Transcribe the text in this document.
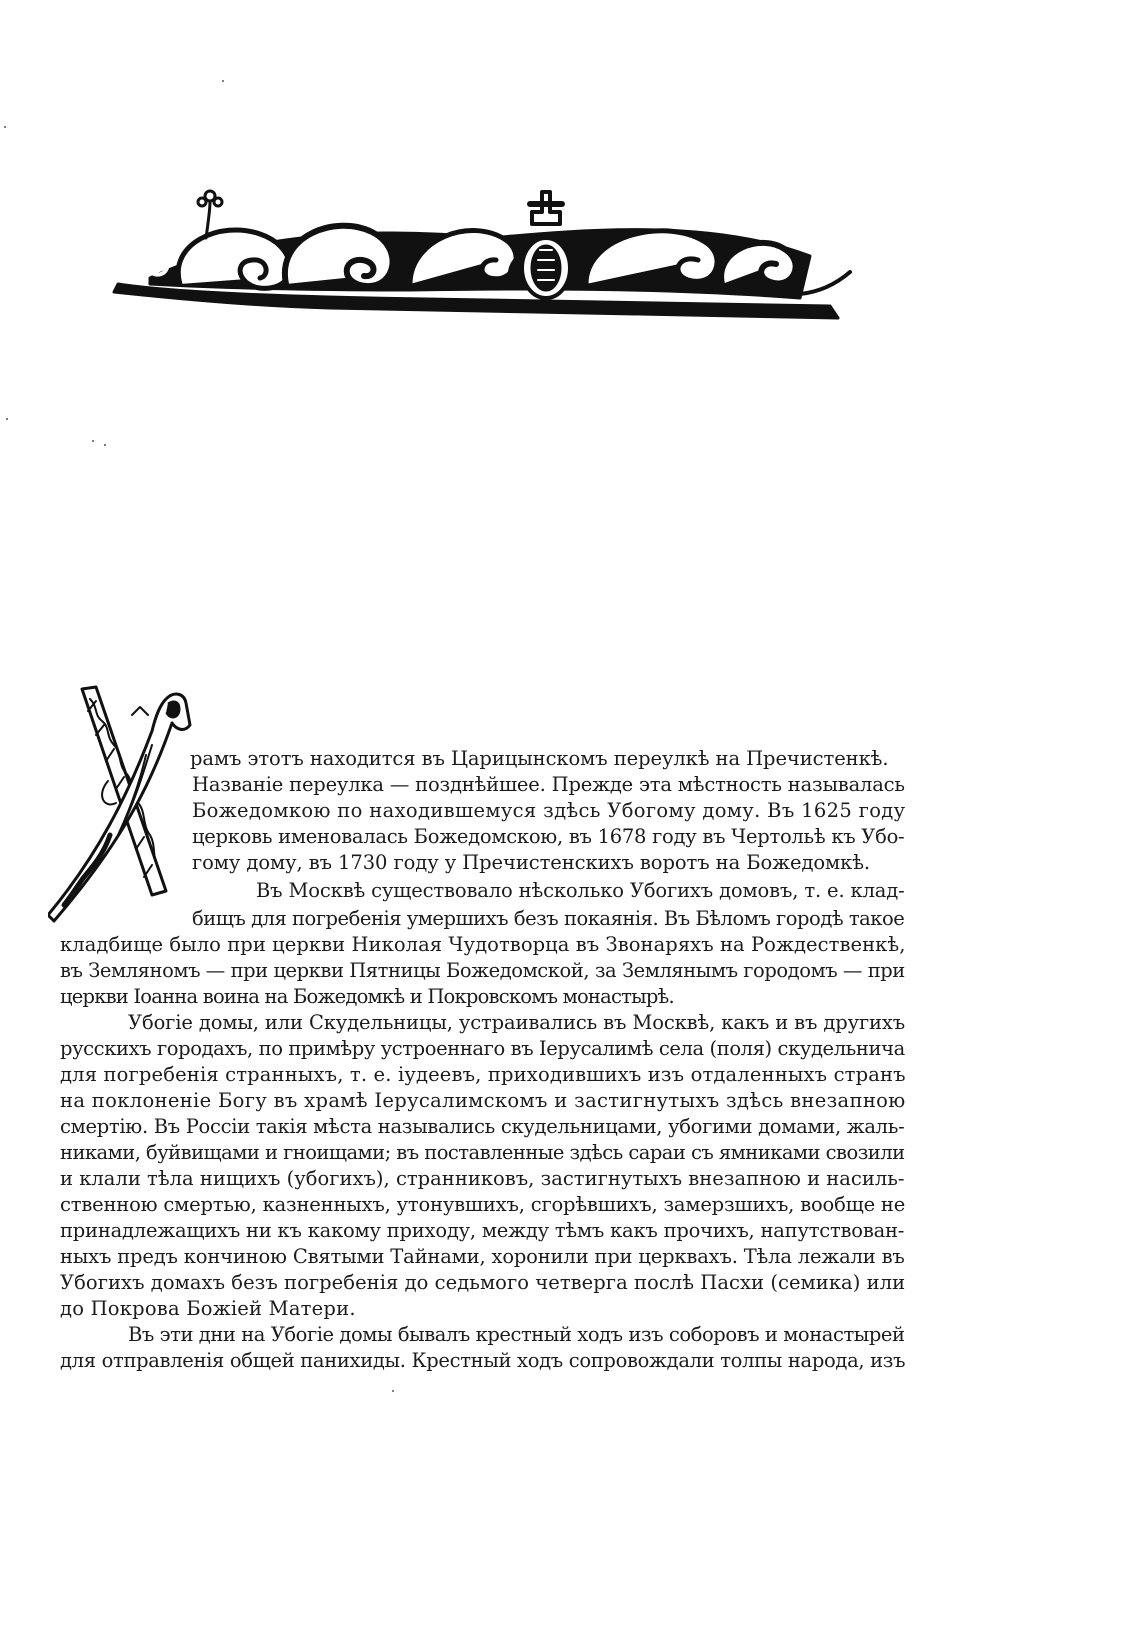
рамъ этотъ находится въ Царицынскомъ переулкѣ на Пречистенкѣ.
Названіе переулка — позднѣйшее. Прежде эта мѣстность называлась
Божедомкою по находившемуся здѣсь Убогому дому. Въ 1625 году
церковь именовалась Божедомскою, въ 1678 году въ Чертольѣ къ Убо-
гому дому, въ 1730 году у Пречистенскихъ воротъ на Божедомкѣ.
Въ Москвѣ существовало нѣсколько Убогихъ домовъ, т. е. клад-
бищъ для погребенія умершихъ безъ покаянія. Въ Бѣломъ городѣ такое
кладбище было при церкви Николая Чудотворца въ Звонаряхъ на Рождественкѣ,
въ Земляномъ — при церкви Пятницы Божедомской, за Землянымъ городомъ — при
церкви Іоанна воина на Божедомкѣ и Покровскомъ монастырѣ.
Убогіе домы, или Скудельницы, устраивались въ Москвѣ, какъ и въ другихъ
русскихъ городахъ, по примѣру устроеннаго въ Іерусалимѣ села (поля) скудельнича
для погребенія странныхъ, т. е. іудеевъ, приходившихъ изъ отдаленныхъ странъ
на поклоненіе Богу въ храмѣ Іерусалимскомъ и застигнутыхъ здѣсь внезапною
смертію. Въ Россіи такія мѣста назывались скудельницами, убогими домами, жаль-
никами, буйвищами и гноищами; въ поставленные здѣсь сараи съ ямниками свозили
и клали тѣла нищихъ (убогихъ), странниковъ, застигнутыхъ внезапною и насиль-
ственною смертью, казненныхъ, утонувшихъ, сгорѣвшихъ, замерзшихъ, вообще не
принадлежащихъ ни къ какому приходу, между тѣмъ какъ прочихъ, напутствован-
ныхъ предъ кончиною Святыми Тайнами, хоронили при церквахъ. Тѣла лежали въ
Убогихъ домахъ безъ погребенія до седьмого четверга послѣ Пасхи (семика) или
до Покрова Божіей Матери.
Въ эти дни на Убогіе домы бывалъ крестный ходъ изъ соборовъ и монастырей
для отправленія общей панихиды. Крестный ходъ сопровождали толпы народа, изъ
